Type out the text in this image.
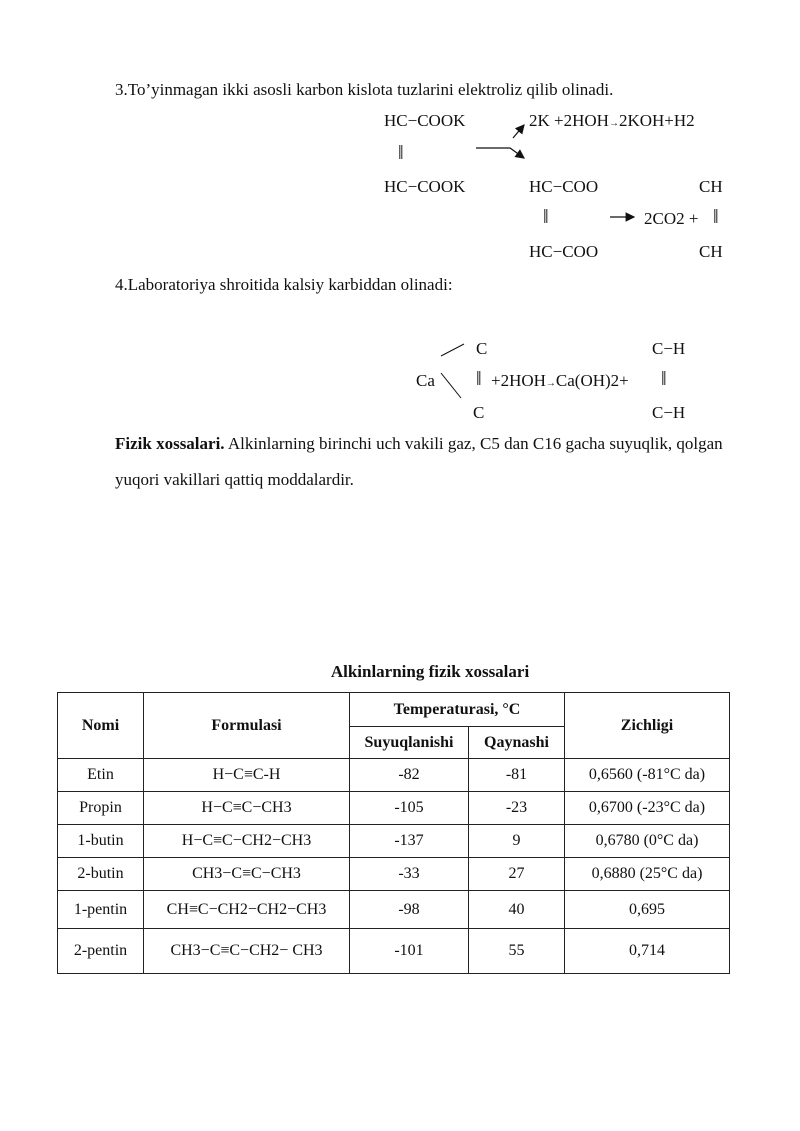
3.To’yinmagan ikki asosli karbon kislota tuzlarini elektroliz qilib olinadi.
HC−COOK	2K +2HOH→2KOH+H2
‖
HC−COOK	HC−COO	CH
‖	2CO2 + ‖
HC−COO	CH
4.Laboratoriya shroitida kalsiy karbiddan olinadi:
C	C−H
Ca ‖ +2HOH→Ca(OH)2+ ‖
C	C−H
Fizik xossalari. Alkinlarning birinchi uch vakili gaz, C5 dan C16 gacha suyuqlik, qolgan yuqori vakillari qattiq moddalardir.
Alkinlarning fizik xossalari
Nomi	Formulasi	Temperaturasi, °C		Zichligi
		Suyuqlanishi	Qaynashi	
Etin	H−C≡C-H	-82	-81	0,6560 (-81°C da)
Propin	H−C≡C−CH3	-105	-23	0,6700 (-23°C da)
1-butin	H−C≡C−CH2−CH3	-137	9	0,6780 (0°C da)
2-butin	CH3−C≡C−CH3	-33	27	0,6880 (25°C da)
1-pentin	CH≡C−CH2−CH2−CH3	-98	40	0,695
2-pentin	CH3−C≡C−CH2− CH3	-101	55	0,714
